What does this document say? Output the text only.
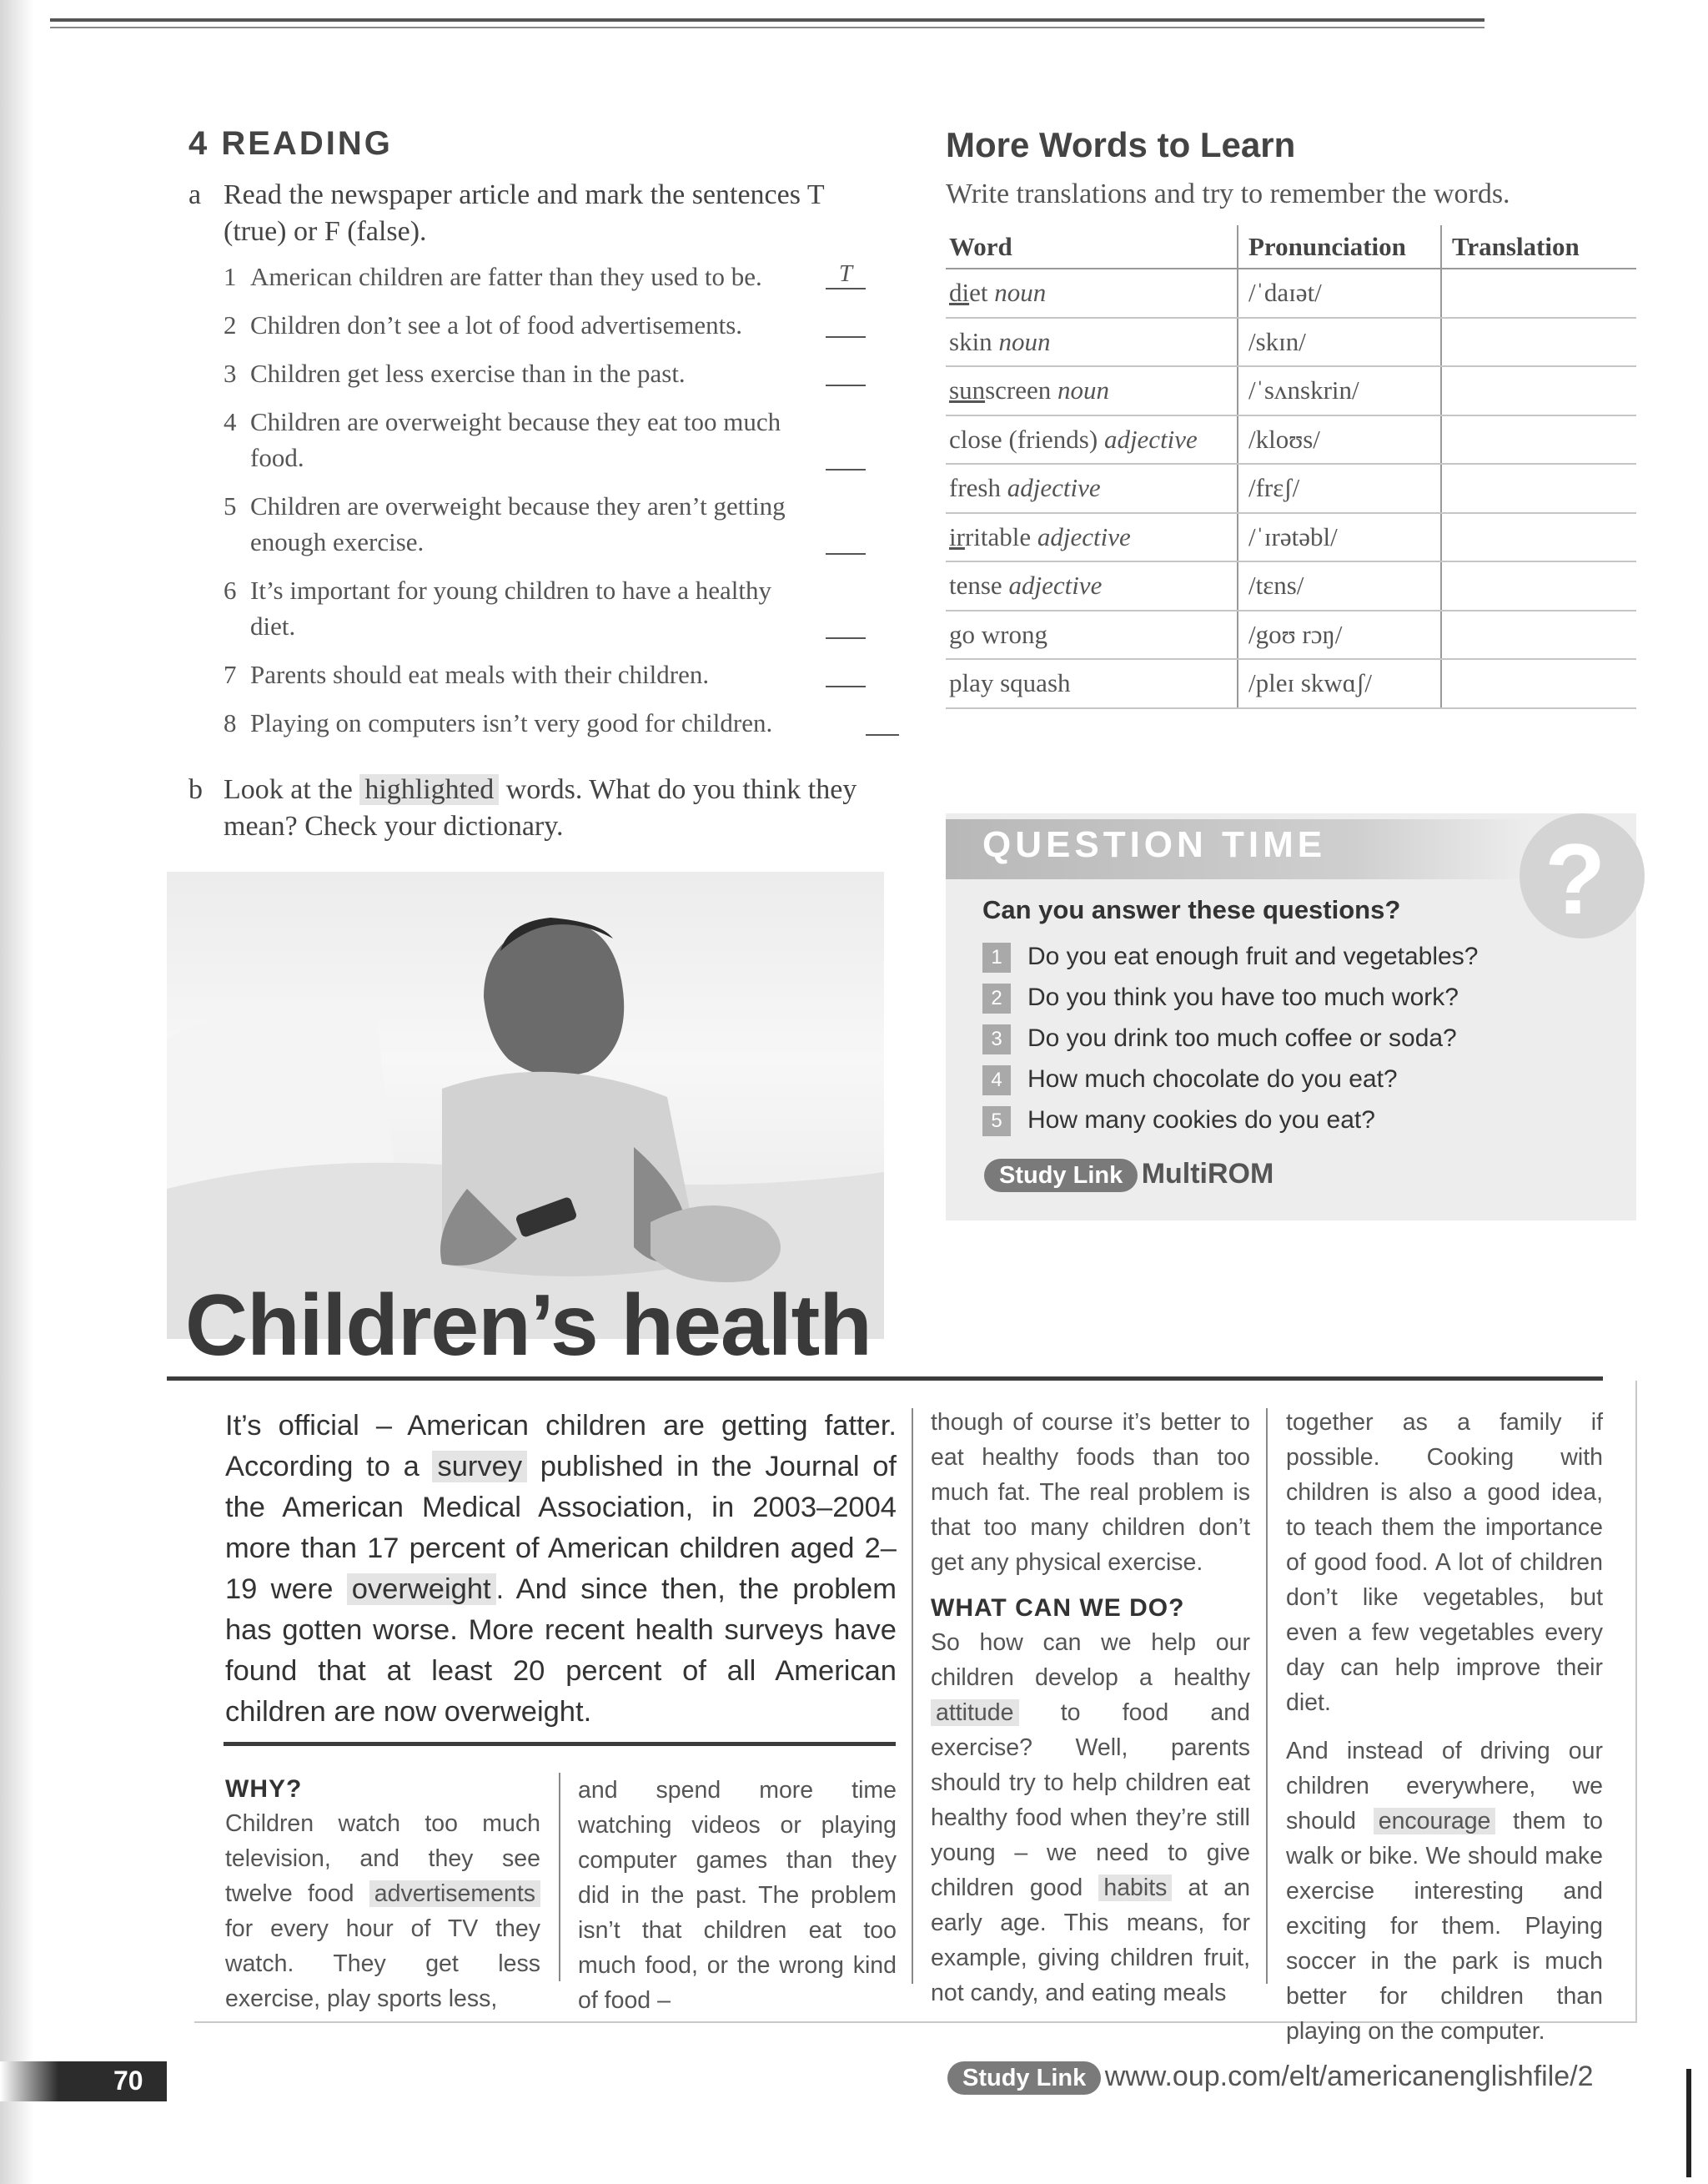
4 READING
a Read the newspaper article and mark the sentences T (true) or F (false).
1 American children are fatter than they used to be.	T
2 Children don’t see a lot of food advertisements.
3 Children get less exercise than in the past.
4 Children are overweight because they eat too much food.
5 Children are overweight because they aren’t getting enough exercise.
6 It’s important for young children to have a healthy diet.
7 Parents should eat meals with their children.
8 Playing on computers isn’t very good for children.
b Look at the highlighted words. What do you think they mean? Check your dictionary.
Children’s health
It’s official – American children are getting fatter. According to a survey published in the Journal of the American Medical Association, in 2003–2004 more than 17 percent of American children aged 2–19 were overweight . And since then, the problem has gotten worse. More recent health surveys have found that at least 20 percent of all American children are now overweight.
WHY?
Children watch too much television, and they see twelve food advertisements for every hour of TV they watch. They get less exercise, play sports less,
and spend more time watching videos or playing computer games than they did in the past. The problem isn’t that children eat too much food, or the wrong kind of food –
though of course it’s better to eat healthy foods than too much fat. The real problem is that too many children don’t get any physical exercise.
WHAT CAN WE DO?
So how can we help our children develop a healthy attitude to food and exercise? Well, parents should try to help children eat healthy food when they’re still young – we need to give children good habits at an early age. This means, for example, giving children fruit, not candy, and eating meals
together as a family if possible. Cooking with children is also a good idea, to teach them the importance of good food. A lot of children don’t like vegetables, but even a few vegetables every day can help improve their diet.
And instead of driving our children everywhere, we should encourage them to walk or bike. We should make exercise interesting and exciting for them. Playing soccer in the park is much better for children than playing on the computer.
More Words to Learn
Write translations and try to remember the words.
Word	Pronunciation	Translation
diet noun	/ˈdaɪət/	
skin noun	/skɪn/	
sunscreen noun	/ˈsʌnskrin/	
close (friends) adjective	/kloʊs/	
fresh adjective	/frɛʃ/	
irritable adjective	/ˈɪrətəbl/	
tense adjective	/tɛns/	
go wrong	/goʊ rɔŋ/	
play squash	/pleɪ skwɑʃ/	
QUESTION TIME ?
Can you answer these questions?
1 Do you eat enough fruit and vegetables?
2 Do you think you have too much work?
3 Do you drink too much coffee or soda?
4 How much chocolate do you eat?
5 How many cookies do you eat?
Study Link MultiROM
70	Study Link www.oup.com/elt/americanenglishfile/2
